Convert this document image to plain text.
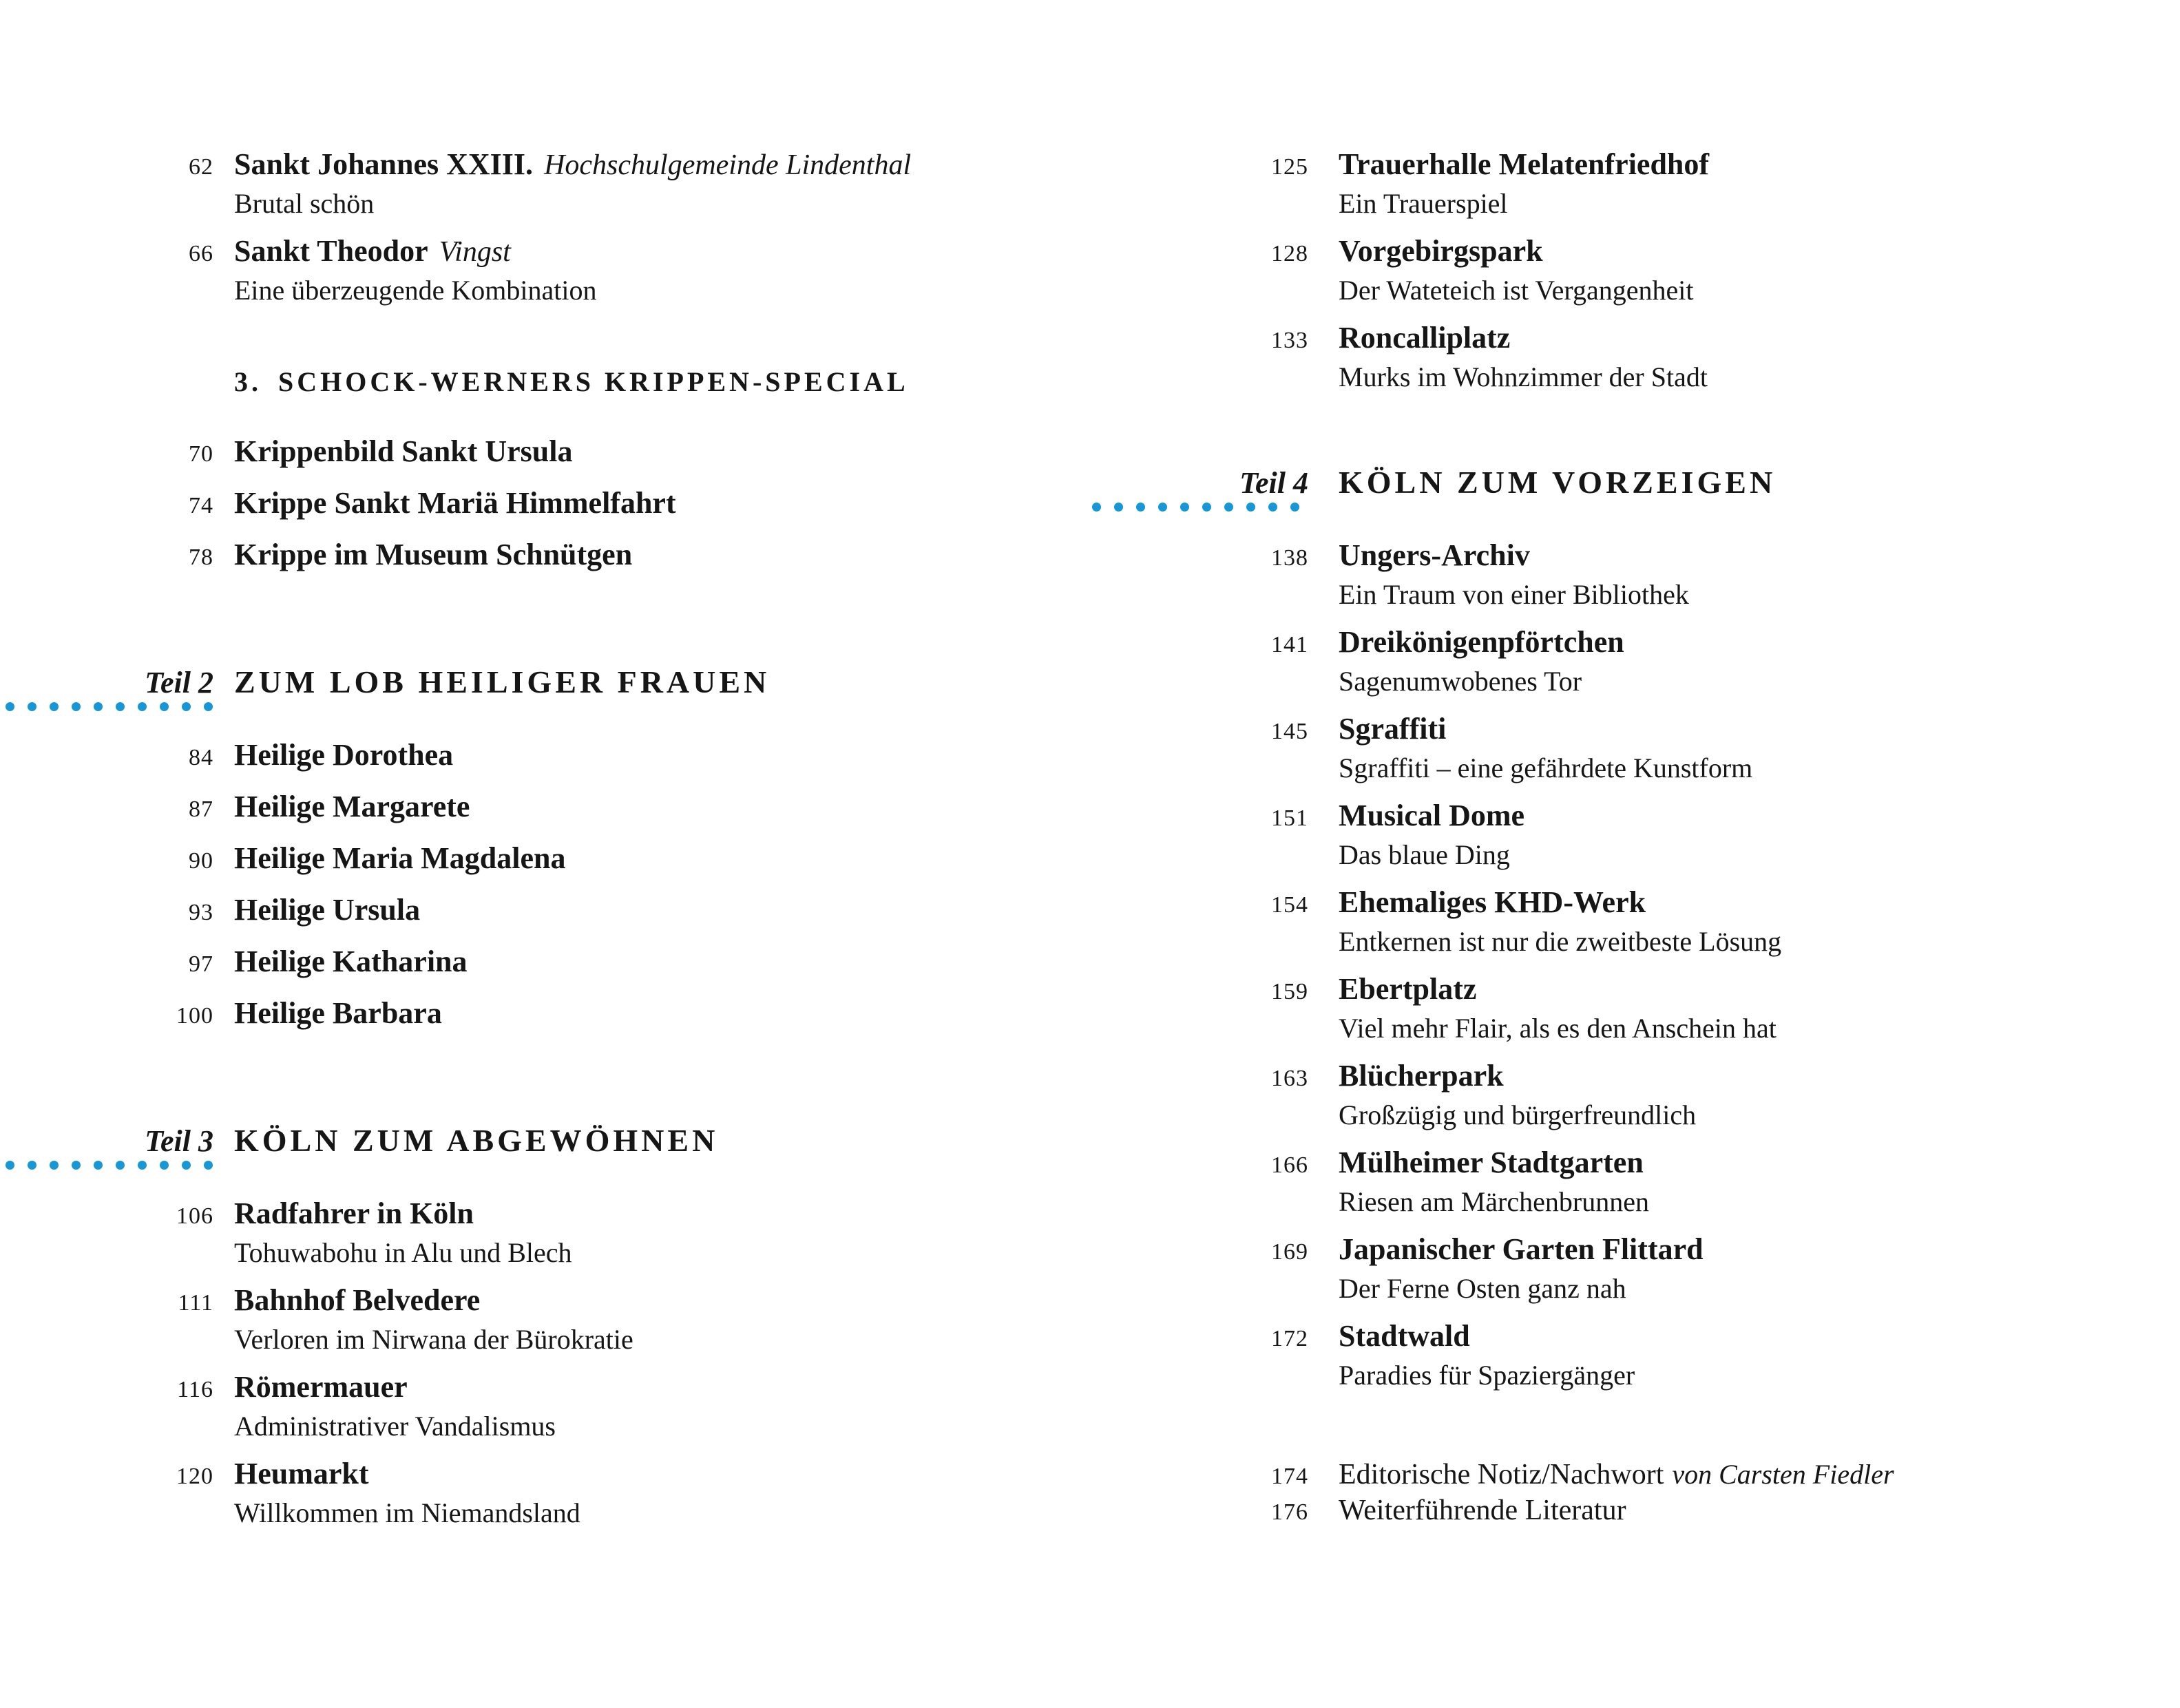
62 Sankt Johannes XXIII. Hochschulgemeinde Lindenthal
Brutal schön
66 Sankt Theodor Vingst
Eine überzeugende Kombination
3. SCHOCK-WERNERS KRIPPEN-SPECIAL
70 Krippenbild Sankt Ursula
74 Krippe Sankt Mariä Himmelfahrt
78 Krippe im Museum Schnütgen
Teil 2 ZUM LOB HEILIGER FRAUEN
84 Heilige Dorothea
87 Heilige Margarete
90 Heilige Maria Magdalena
93 Heilige Ursula
97 Heilige Katharina
100 Heilige Barbara
Teil 3 KÖLN ZUM ABGEWÖHNEN
106 Radfahrer in Köln
Tohuwabohu in Alu und Blech
111 Bahnhof Belvedere
Verloren im Nirwana der Bürokratie
116 Römermauer
Administrativer Vandalismus
120 Heumarkt
Willkommen im Niemandsland
125 Trauerhalle Melatenfriedhof
Ein Trauerspiel
128 Vorgebirgspark
Der Wateteich ist Vergangenheit
133 Roncalliplatz
Murks im Wohnzimmer der Stadt
Teil 4 KÖLN ZUM VORZEIGEN
138 Ungers-Archiv
Ein Traum von einer Bibliothek
141 Dreikönigenpförtchen
Sagenumwobenes Tor
145 Sgraffiti
Sgraffiti – eine gefährdete Kunstform
151 Musical Dome
Das blaue Ding
154 Ehemaliges KHD-Werk
Entkernen ist nur die zweitbeste Lösung
159 Ebertplatz
Viel mehr Flair, als es den Anschein hat
163 Blücherpark
Großzügig und bürgerfreundlich
166 Mülheimer Stadtgarten
Riesen am Märchenbrunnen
169 Japanischer Garten Flittard
Der Ferne Osten ganz nah
172 Stadtwald
Paradies für Spaziergänger
174 Editorische Notiz/Nachwort von Carsten Fiedler
176 Weiterführende Literatur
